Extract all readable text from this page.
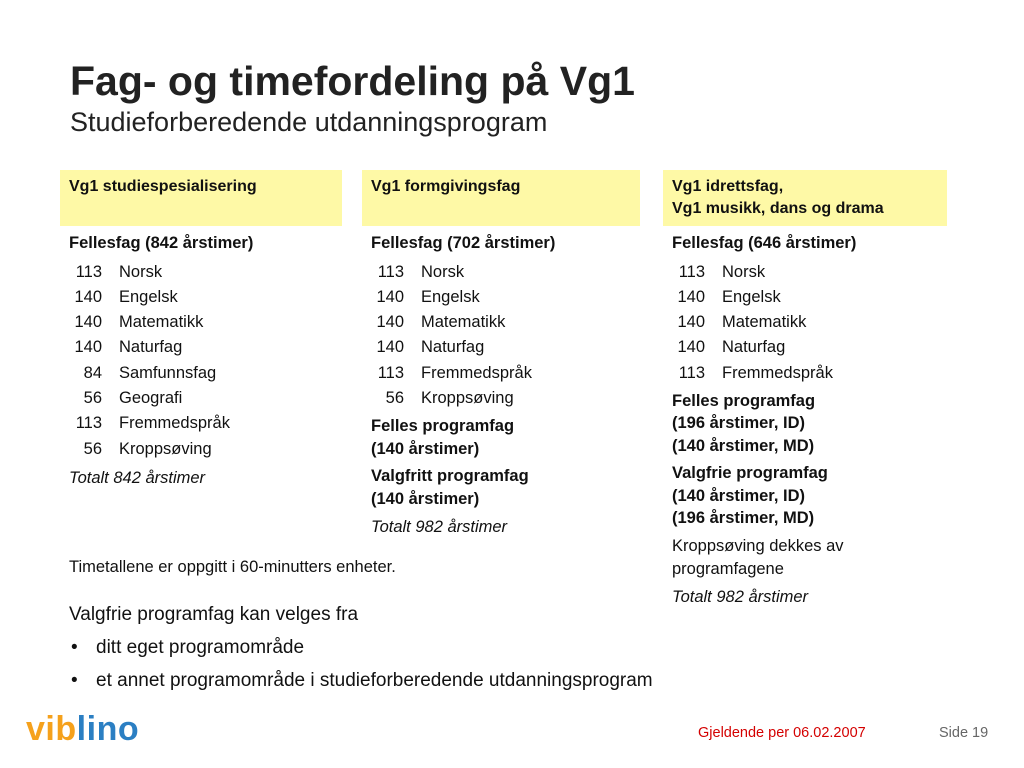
Fag- og timefordeling på Vg1
Studieforberedende utdanningsprogram
Vg1 studiespesialisering
Fellesfag (842 årstimer)
113	Norsk
140	Engelsk
140	Matematikk
140	Naturfag
84	Samfunnsfag
56	Geografi
113	Fremmedspråk
56	Kroppsøving
Totalt 842 årstimer
Vg1 formgivingsfag
Fellesfag (702 årstimer)
113	Norsk
140	Engelsk
140	Matematikk
140	Naturfag
113	Fremmedspråk
56	Kroppsøving
Felles programfag
(140 årstimer)
Valgfritt programfag
(140 årstimer)
Totalt 982 årstimer
Vg1 idrettsfag,
Vg1 musikk, dans og drama
Fellesfag (646 årstimer)
113	Norsk
140	Engelsk
140	Matematikk
140	Naturfag
113	Fremmedspråk
Felles programfag
(196 årstimer, ID)
(140 årstimer, MD)
Valgfrie programfag
(140 årstimer, ID)
(196 årstimer, MD)
Kroppsøving dekkes av
programfagene
Totalt 982 årstimer
Timetallene er oppgitt i 60-minutters enheter.
Valgfrie programfag kan velges fra
• ditt eget programområde
• et annet programområde i studieforberedende utdanningsprogram
viblino	Gjeldende per 06.02.2007	Side 19
